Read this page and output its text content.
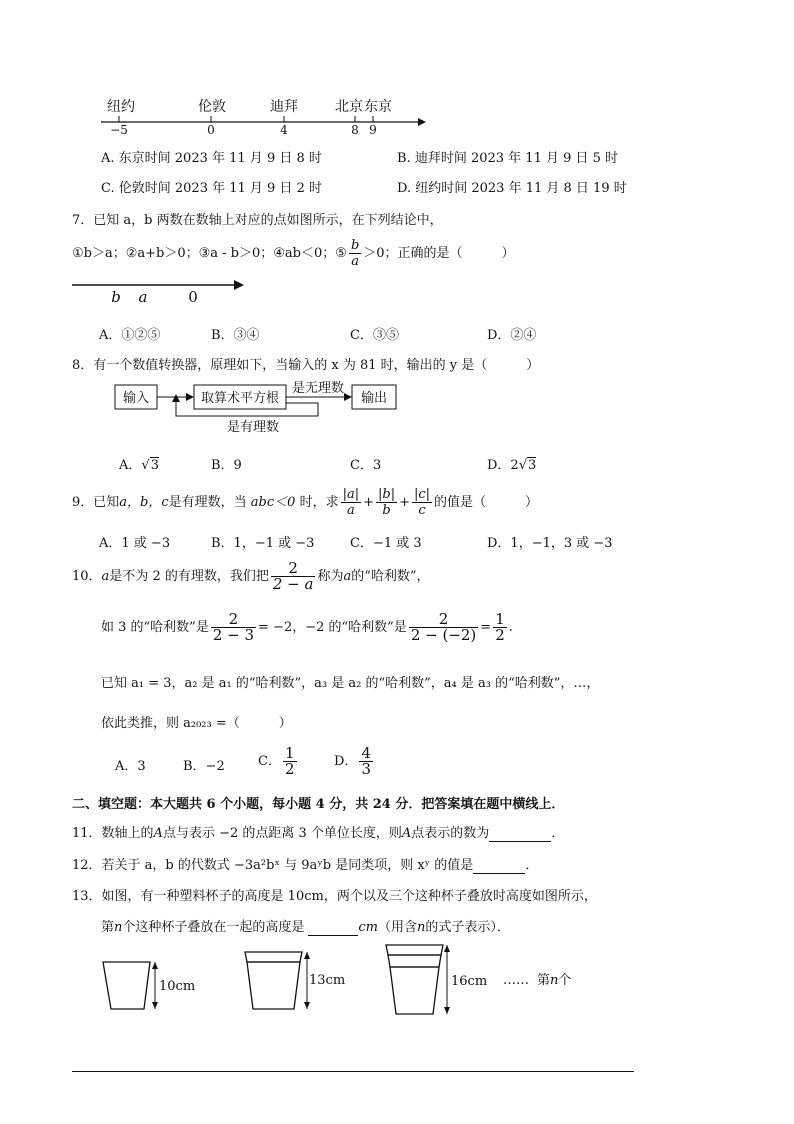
纽约	伦敦	迪拜	北京 东京
−5	0	4	8 9
A. 东京时间 2023 年 11 月 9 日 8 时	B. 迪拜时间 2023 年 11 月 9 日 5 时
C. 伦敦时间 2023 年 11 月 9 日 2 时	D. 纽约时间 2023 年 11 月 8 日 19 时
7．已知 a，b 两数在数轴上对应的点如图所示，在下列结论中，
①b＞a；②a+b＞0；③a - b＞0；④ab＜0；⑤ $\frac{b}{a} >0$；正确的是（　　　）
b a	0
A．①②⑤	B．③④	C．③⑤	D．②④
8．有一个数值转换器，原理如下，当输入的 x 为 81 时，输出的 y 是（　　　）
输入	取算术平方根
是无理数
输出
是有理数
A．√3	B．9	C．3	D．2√3
9．已知a，b，c是有理数，当 abc＜0 时，求 $\frac{|a|}{a} + \frac{|b|}{b} + \frac{|c|}{c}$ 的值是（　　　）
A．1 或 −3	B．1，−1 或 −3	C．−1 或 3	D．1，−1，3 或 −3
10．a是不为 2 的有理数，我们把 $\frac{2}{2 - a}$ 称为a的“哈利数”，
如 3 的“哈利数”是 $\frac{2}{2 - 3} = -2$，−2 的“哈利数”是 $\frac{2}{2 - (-2)} = \frac{1}{2}$ .
已知 a₁ = 3，a₂ 是 a₁ 的“哈利数”，a₃ 是 a₂ 的“哈利数”，a₄ 是 a₃ 的“哈利数”，…，
依此类推，则 a₂₀₂₃ =（　　　）
A．3	B．−2	C． $\frac{1}{2}$	D． $\frac{4}{3}$
二、填空题：本大题共 6 个小题，每小题 4 分，共 24 分．把答案填在题中横线上．
11．数轴上的A点与表示 −2 的点距离 3 个单位长度，则A点表示的数为	．
12．若关于 a，b 的代数式 −3a²bˣ 与 9aʸb 是同类项，则 xʸ 的值是	．
13．如图，有一种塑料杯子的高度是 10cm，两个以及三个这种杯子叠放时高度如图所示，
第n个这种杯子叠放在一起的高度是	cm（用含n的式子表示）．
10cm	13cm	16cm …… 第n个
